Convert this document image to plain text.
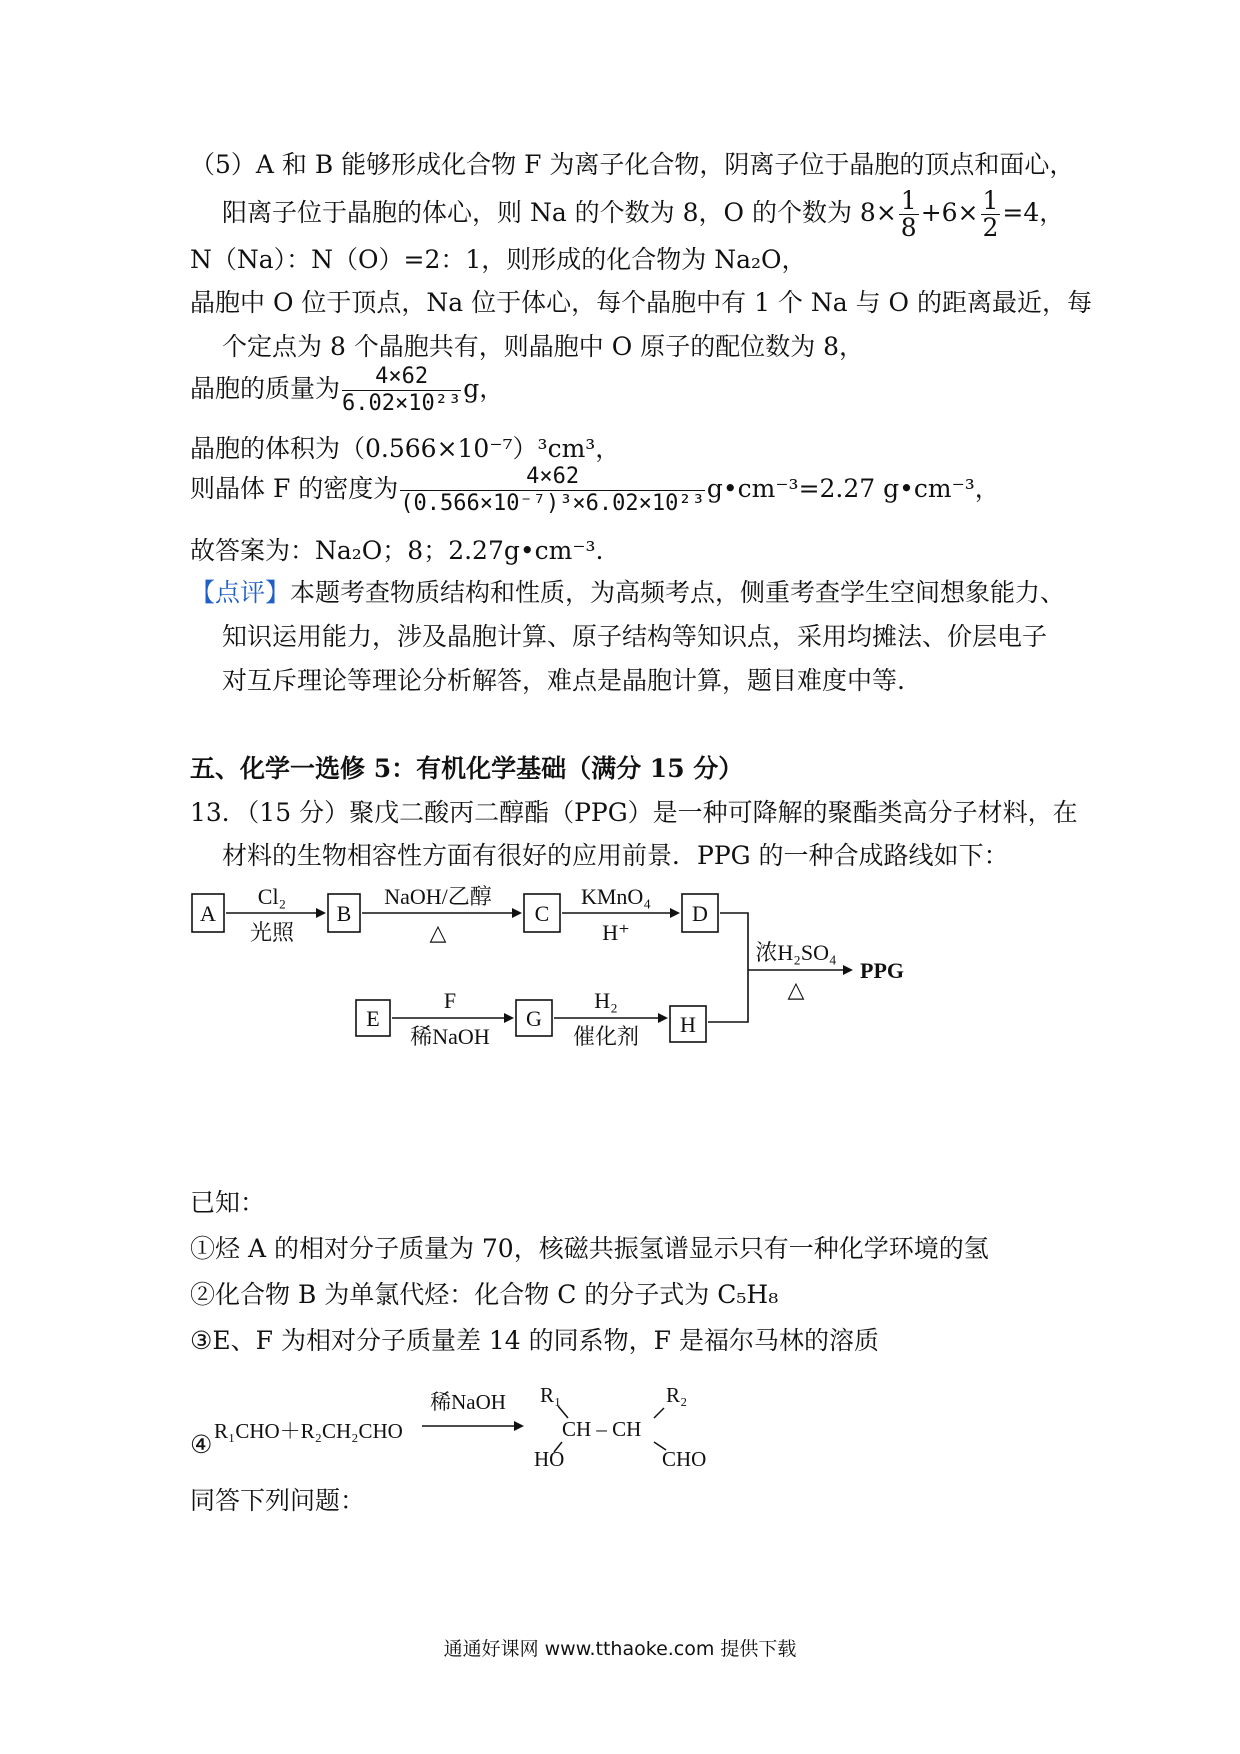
（5）A 和 B 能够形成化合物 F 为离子化合物，阴离子位于晶胞的顶点和面心，
阳离子位于晶胞的体心，则 Na 的个数为 8，O 的个数为 $8\times \frac{1}{8} +6\times \frac{1}{2} =4$，
N（Na）：N（O）=2：1，则形成的化合物为 Na₂O，
晶胞中 O 位于顶点，Na 位于体心，每个晶胞中有 1 个 Na 与 O 的距离最近，每
个定点为 8 个晶胞共有，则晶胞中 O 原子的配位数为 8，
晶胞的质量为 $\frac{4\times 62}{\text{6.02×10²³}}$ g，
晶胞的体积为（0.566×10⁻⁷）³cm³，
则晶体 F 的密度为 $\frac{4\times 62}{\text{(0.566×10⁻⁷)³×6.02×10²³}}$ g•cm⁻³=2.27 g•cm⁻³，
故答案为：Na₂O；8；2.27g•cm⁻³.
【点评】本题考查物质结构和性质，为高频考点，侧重考查学生空间想象能力、
知识运用能力，涉及晶胞计算、原子结构等知识点，采用均摊法、价层电子
对互斥理论等理论分析解答，难点是晶胞计算，题目难度中等.
五、化学一选修 5：有机化学基础（满分 15 分）
13．（15 分）聚戊二酸丙二醇酯（PPG）是一种可降解的聚酯类高分子材料，在
材料的生物相容性方面有很好的应用前景．PPG 的一种合成路线如下：
A	B	C	D
E	G	H
Cl₂
光照
NaOH/乙醇
△
KMnO₄
H⁺
F
稀NaOH
H₂
催化剂
浓H₂SO₄
△
PPG
已知：
①烃 A 的相对分子质量为 70，核磁共振氢谱显示只有一种化学环境的氢
②化合物 B 为单氯代烃：化合物 C 的分子式为 C₅H₈
③E、F 为相对分子质量差 14 的同系物，F 是福尔马林的溶质
④ R₁CHO＋R₂CH₂CHO
稀NaOH R₁	R₂
CH – CH
HO	CHO
同答下列问题：
通通好课网 www.tthaoke.com 提供下载
